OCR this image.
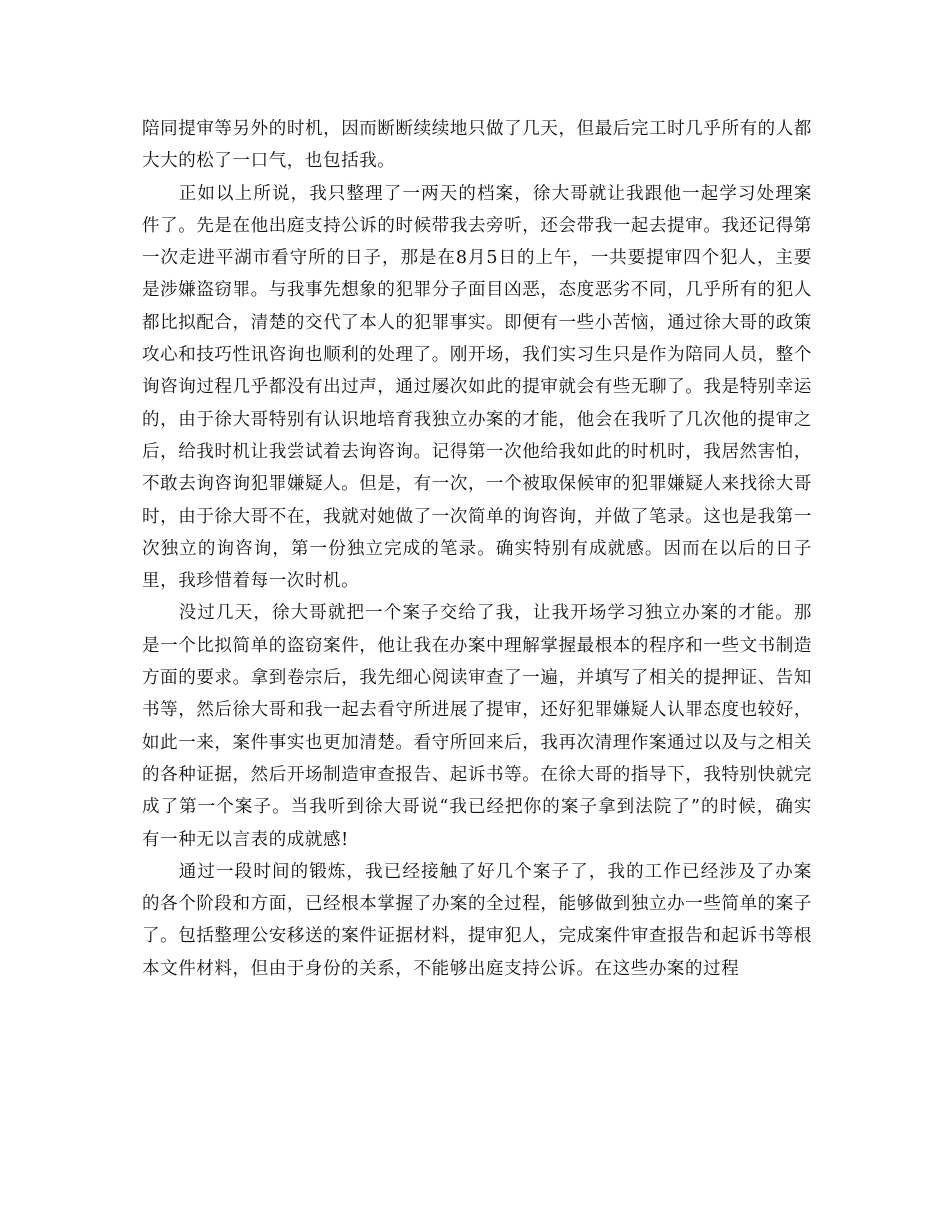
陪同提审等另外的时机，因而断断续续地只做了几天，但最后完工时几乎所有的人都大大的松了一口气，也包括我。

正如以上所说，我只整理了一两天的档案，徐大哥就让我跟他一起学习处理案件了。先是在他出庭支持公诉的时候带我去旁听，还会带我一起去提审。我还记得第一次走进平湖市看守所的日子，那是在8月5日的上午，一共要提审四个犯人，主要是涉嫌盗窃罪。与我事先想象的犯罪分子面目凶恶，态度恶劣不同，几乎所有的犯人都比拟配合，清楚的交代了本人的犯罪事实。即便有一些小苦恼，通过徐大哥的政策攻心和技巧性讯咨询也顺利的处理了。刚开场，我们实习生只是作为陪同人员，整个询咨询过程几乎都没有出过声，通过屡次如此的提审就会有些无聊了。我是特别幸运的，由于徐大哥特别有认识地培育我独立办案的才能，他会在我听了几次他的提审之后，给我时机让我尝试着去询咨询。记得第一次他给我如此的时机时，我居然害怕，不敢去询咨询犯罪嫌疑人。但是，有一次，一个被取保候审的犯罪嫌疑人来找徐大哥时，由于徐大哥不在，我就对她做了一次简单的询咨询，并做了笔录。这也是我第一次独立的询咨询，第一份独立完成的笔录。确实特别有成就感。因而在以后的日子里，我珍惜着每一次时机。

没过几天，徐大哥就把一个案子交给了我，让我开场学习独立办案的才能。那是一个比拟简单的盗窃案件，他让我在办案中理解掌握最根本的程序和一些文书制造方面的要求。拿到卷宗后，我先细心阅读审查了一遍，并填写了相关的提押证、告知书等，然后徐大哥和我一起去看守所进展了提审，还好犯罪嫌疑人认罪态度也较好，如此一来，案件事实也更加清楚。看守所回来后，我再次清理作案通过以及与之相关的各种证据，然后开场制造审查报告、起诉书等。在徐大哥的指导下，我特别快就完成了第一个案子。当我听到徐大哥说“我已经把你的案子拿到法院了”的时候，确实有一种无以言表的成就感!

通过一段时间的锻炼，我已经接触了好几个案子了，我的工作已经涉及了办案的各个阶段和方面，已经根本掌握了办案的全过程，能够做到独立办一些简单的案子了。包括整理公安移送的案件证据材料，提审犯人，完成案件审查报告和起诉书等根本文件材料，但由于身份的关系，不能够出庭支持公诉。在这些办案的过程
